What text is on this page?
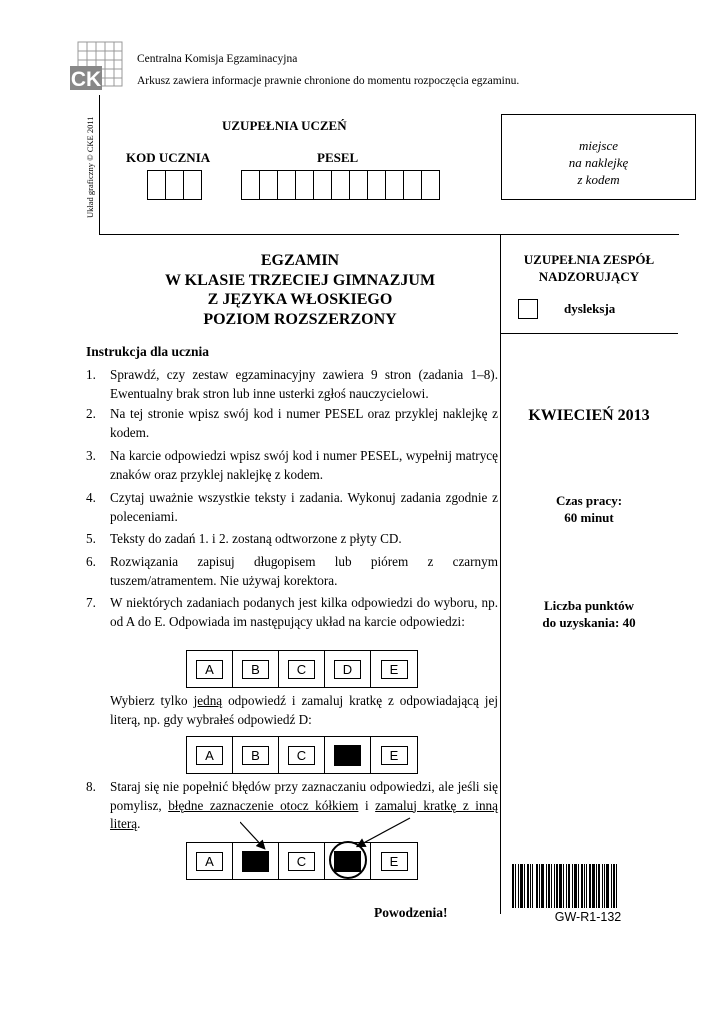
CK
Centralna Komisja Egzaminacyjna
Arkusz zawiera informacje prawnie chronione do momentu rozpoczęcia egzaminu.
Układ graficzny © CKE 2011	UZUPEŁNIA UCZEŃ
KOD UCZNIA	PESEL
miejsce
na naklejkę
z kodem
EGZAMIN
W KLASIE TRZECIEJ GIMNAZJUM
Z JĘZYKA WŁOSKIEGO
POZIOM ROZSZERZONY
UZUPEŁNIA ZESPÓŁ
NADZORUJĄCY
dysleksja
Instrukcja dla ucznia
1. Sprawdź, czy zestaw egzaminacyjny zawiera 9 stron (zadania 1–8). Ewentualny brak stron lub inne usterki zgłoś nauczycielowi.
2. Na tej stronie wpisz swój kod i numer PESEL oraz przyklej naklejkę z kodem.
3. Na karcie odpowiedzi wpisz swój kod i numer PESEL, wypełnij matrycę znaków oraz przyklej naklejkę z kodem.
4. Czytaj uważnie wszystkie teksty i zadania. Wykonuj zadania zgodnie z poleceniami.
5. Teksty do zadań 1. i 2. zostaną odtworzone z płyty CD.
6. Rozwiązania zapisuj długopisem lub piórem z czarnym tuszem/atramentem. Nie używaj korektora.
7. W niektórych zadaniach podanych jest kilka odpowiedzi do wyboru, np. od A do E. Odpowiada im następujący układ na karcie odpowiedzi:
A	B	C	D	E
Wybierz tylko jedną odpowiedź i zamaluj kratkę z odpowiadającą jej literą, np. gdy wybrałeś odpowiedź D:
A	B	C	E
8. Staraj się nie popełnić błędów przy zaznaczaniu odpowiedzi, ale jeśli się pomylisz, błędne zaznaczenie otocz kółkiem i zamaluj kratkę z inną literą.
A	C	E
Powodzenia!
KWIECIEŃ 2013
Czas pracy:
60 minut
Liczba punktów
do uzyskania: 40
GW-R1-132
